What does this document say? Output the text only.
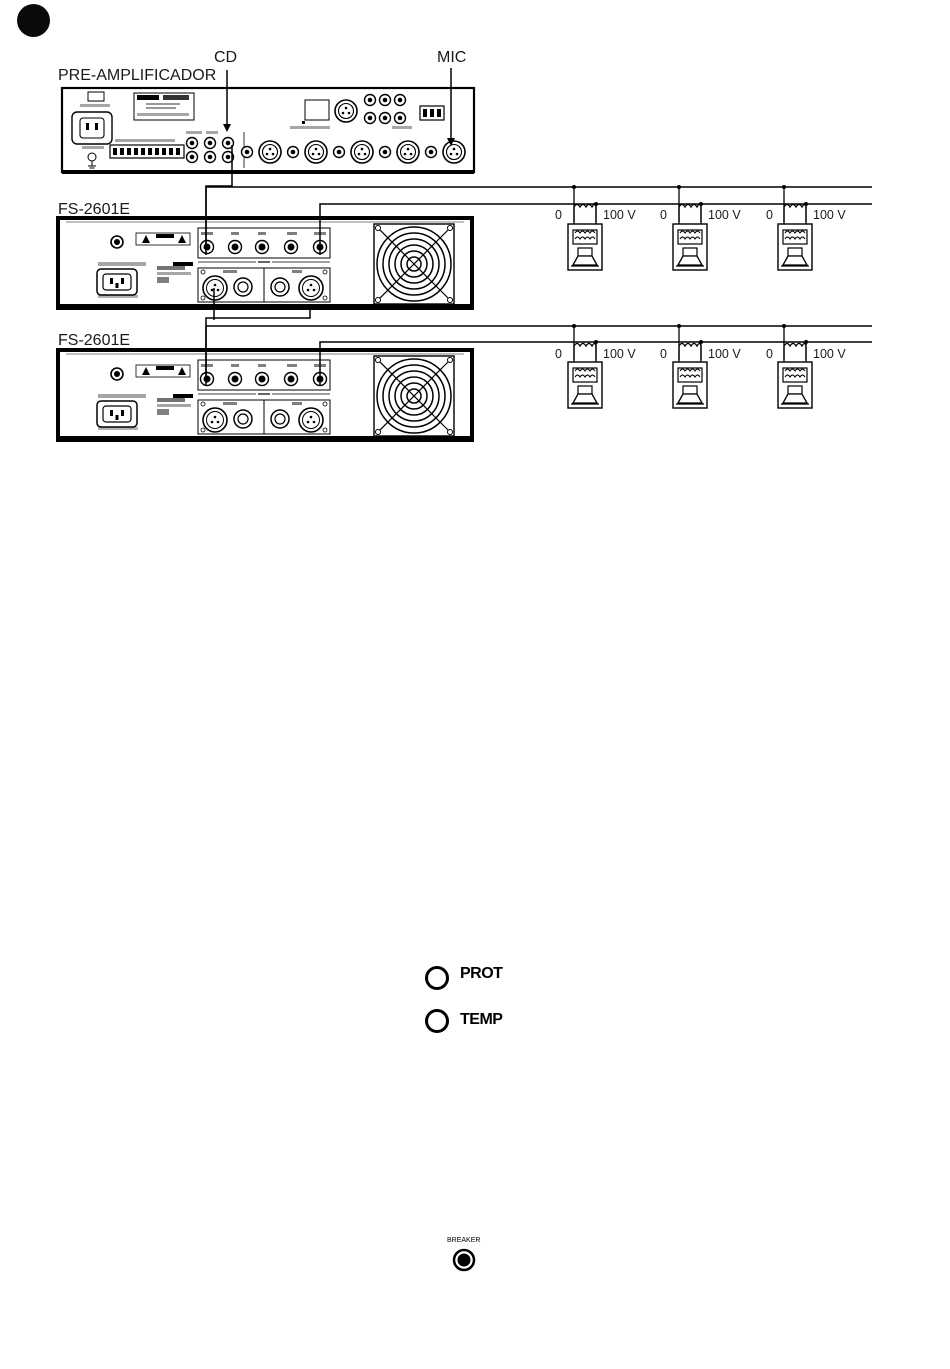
CD	MIC
PRE-AMPLIFICADOR
FS-2601E
FS-2601E
0	100 V 0	100 V 0	100 V
0	100 V 0	100 V 0	100 V
PROT
TEMP
BREAKER
